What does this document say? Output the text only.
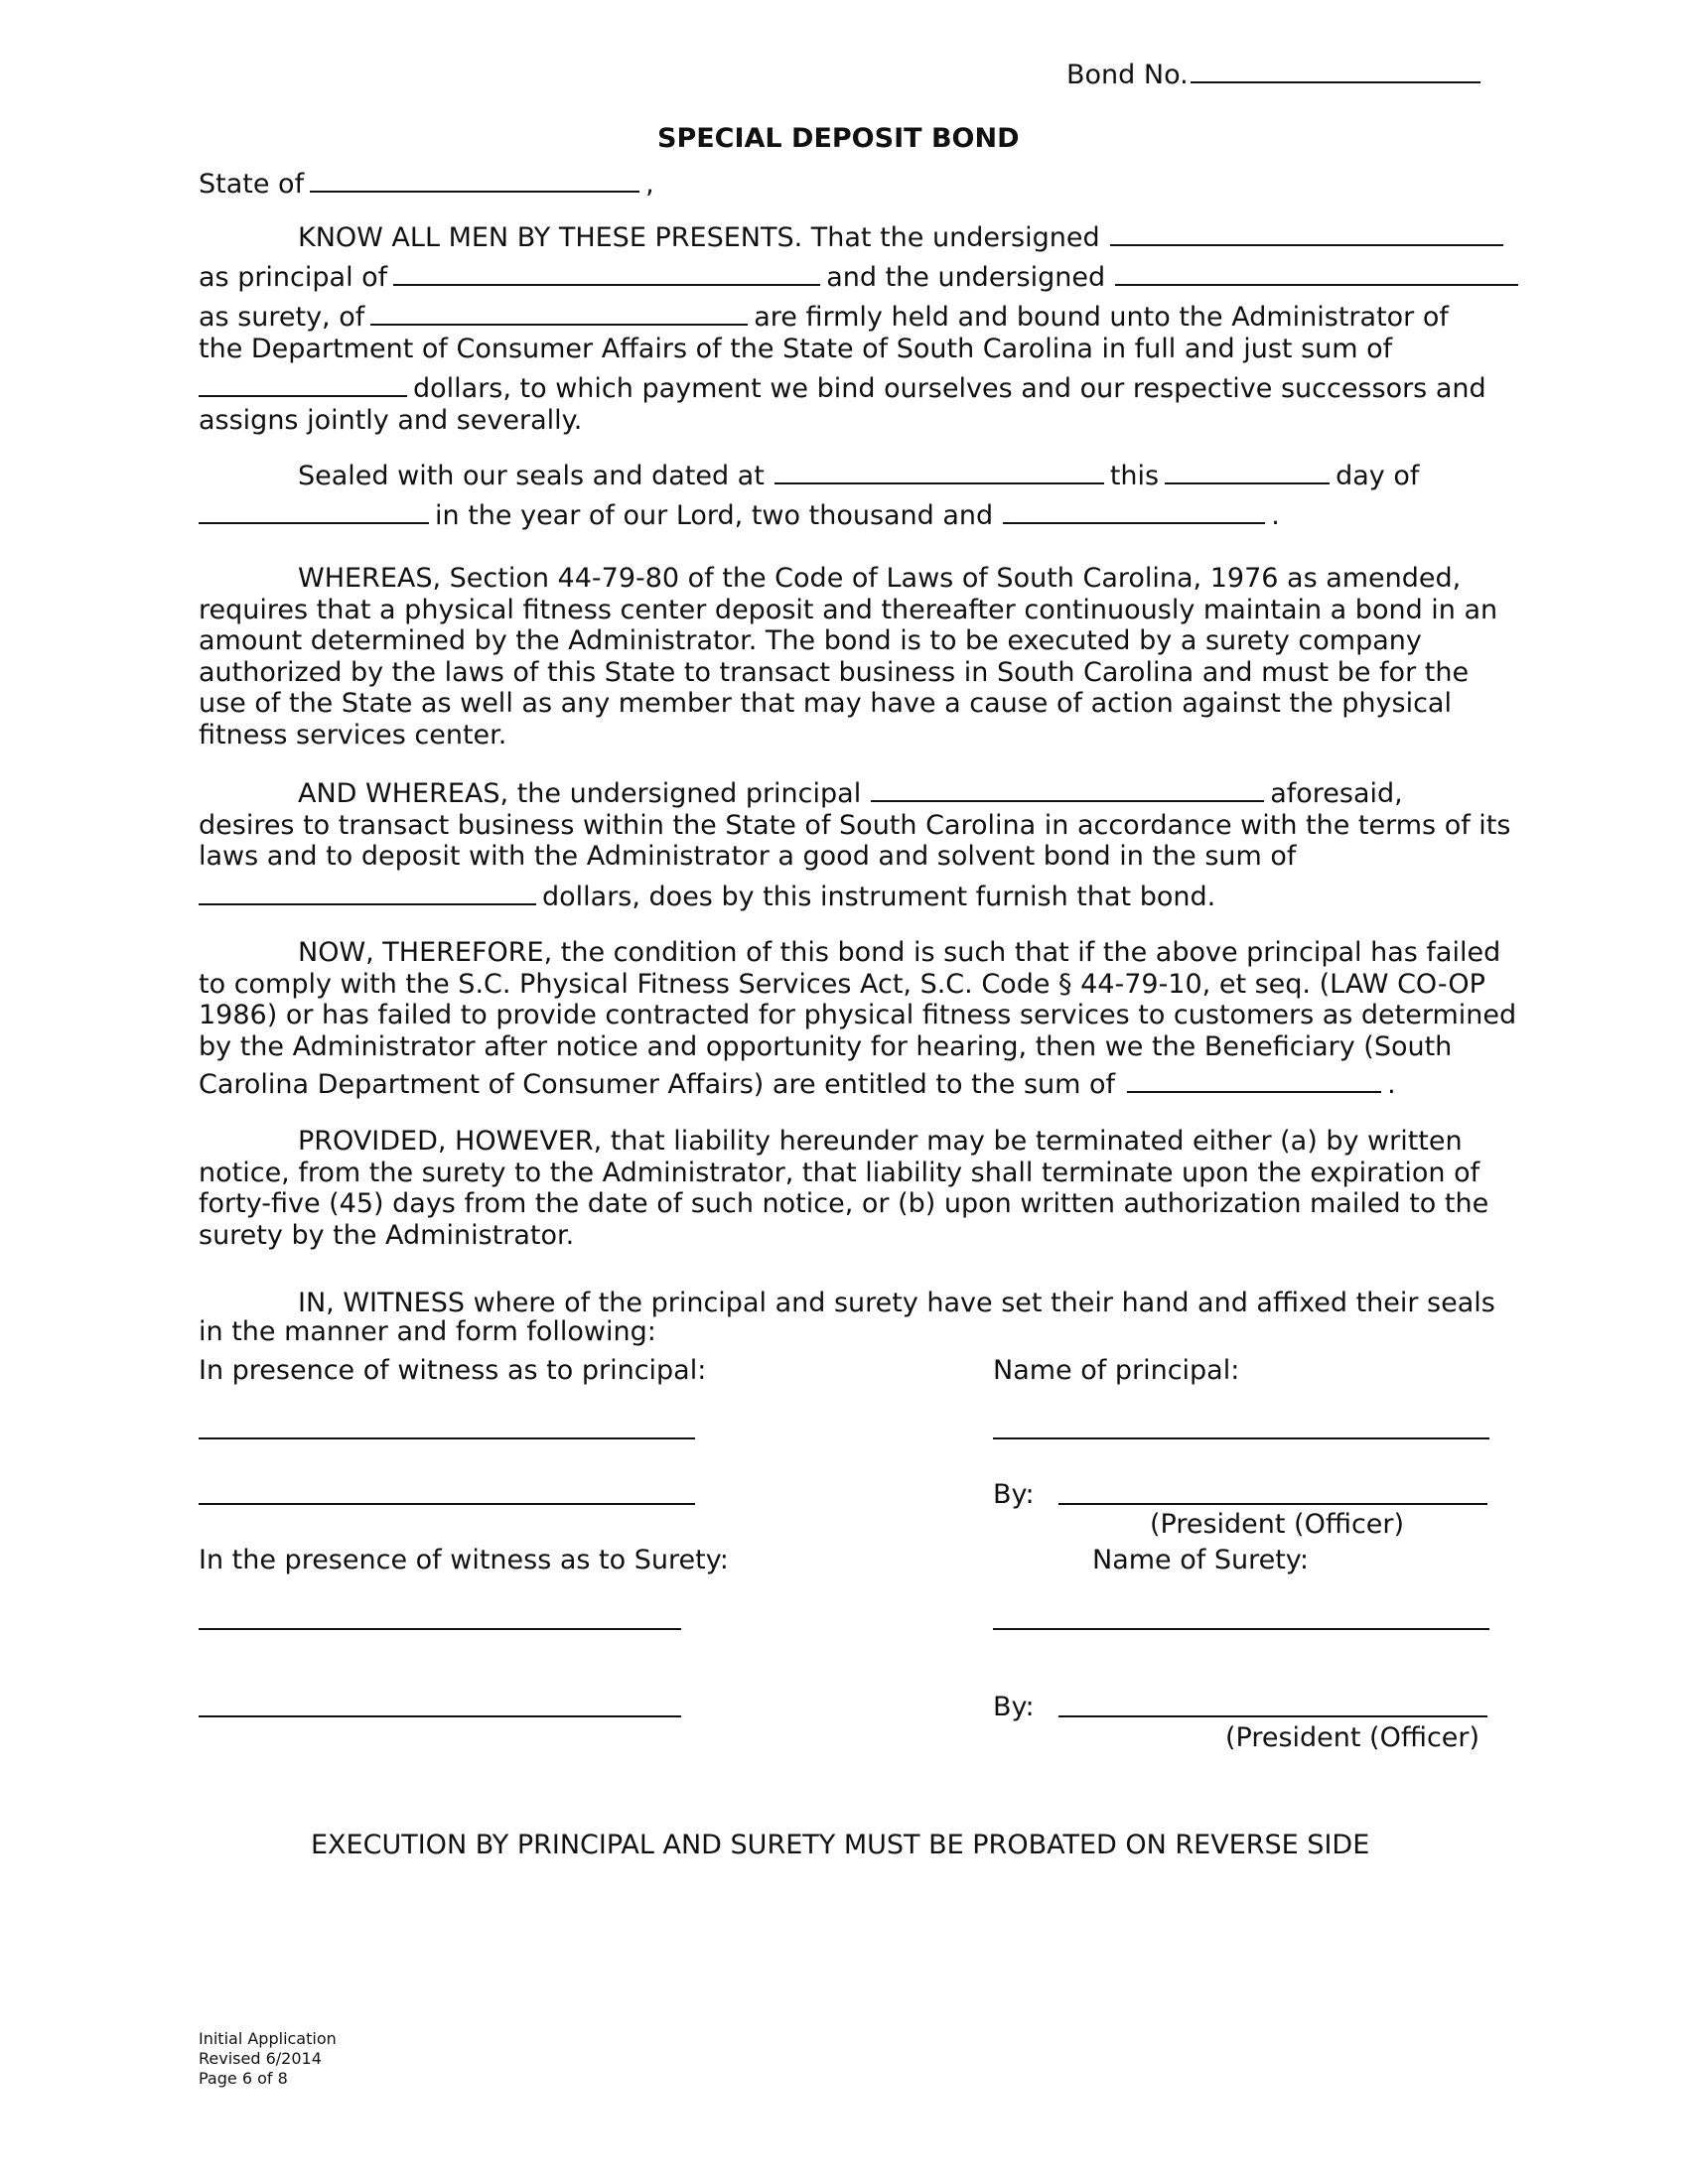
Bond No.
SPECIAL DEPOSIT BOND
State of	,
KNOW ALL MEN BY THESE PRESENTS. That the undersigned
as principal of	and the undersigned
as surety, of	are firmly held and bound unto the Administrator of
the Department of Consumer Affairs of the State of South Carolina in full and just sum of
dollars, to which payment we bind ourselves and our respective successors and
assigns jointly and severally.
Sealed with our seals and dated at	this	day of
in the year of our Lord, two thousand and	.
WHEREAS, Section 44-79-80 of the Code of Laws of South Carolina, 1976 as amended,
requires that a physical fitness center deposit and thereafter continuously maintain a bond in an
amount determined by the Administrator. The bond is to be executed by a surety company
authorized by the laws of this State to transact business in South Carolina and must be for the
use of the State as well as any member that may have a cause of action against the physical
fitness services center.
AND WHEREAS, the undersigned principal	aforesaid,
desires to transact business within the State of South Carolina in accordance with the terms of its
laws and to deposit with the Administrator a good and solvent bond in the sum of
dollars, does by this instrument furnish that bond.
NOW, THEREFORE, the condition of this bond is such that if the above principal has failed
to comply with the S.C. Physical Fitness Services Act, S.C. Code § 44-79-10, et seq. (LAW CO-OP
1986) or has failed to provide contracted for physical fitness services to customers as determined
by the Administrator after notice and opportunity for hearing, then we the Beneficiary (South
Carolina Department of Consumer Affairs) are entitled to the sum of	.
PROVIDED, HOWEVER, that liability hereunder may be terminated either (a) by written
notice, from the surety to the Administrator, that liability shall terminate upon the expiration of
forty-five (45) days from the date of such notice, or (b) upon written authorization mailed to the
surety by the Administrator.
IN, WITNESS where of the principal and surety have set their hand and affixed their seals
in the manner and form following:
In presence of witness as to principal:	Name of principal:
By:
(President (Officer)
In the presence of witness as to Surety:	Name of Surety:
By:
(President (Officer)
EXECUTION BY PRINCIPAL AND SURETY MUST BE PROBATED ON REVERSE SIDE
Initial Application
Revised 6/2014
Page 6 of 8
